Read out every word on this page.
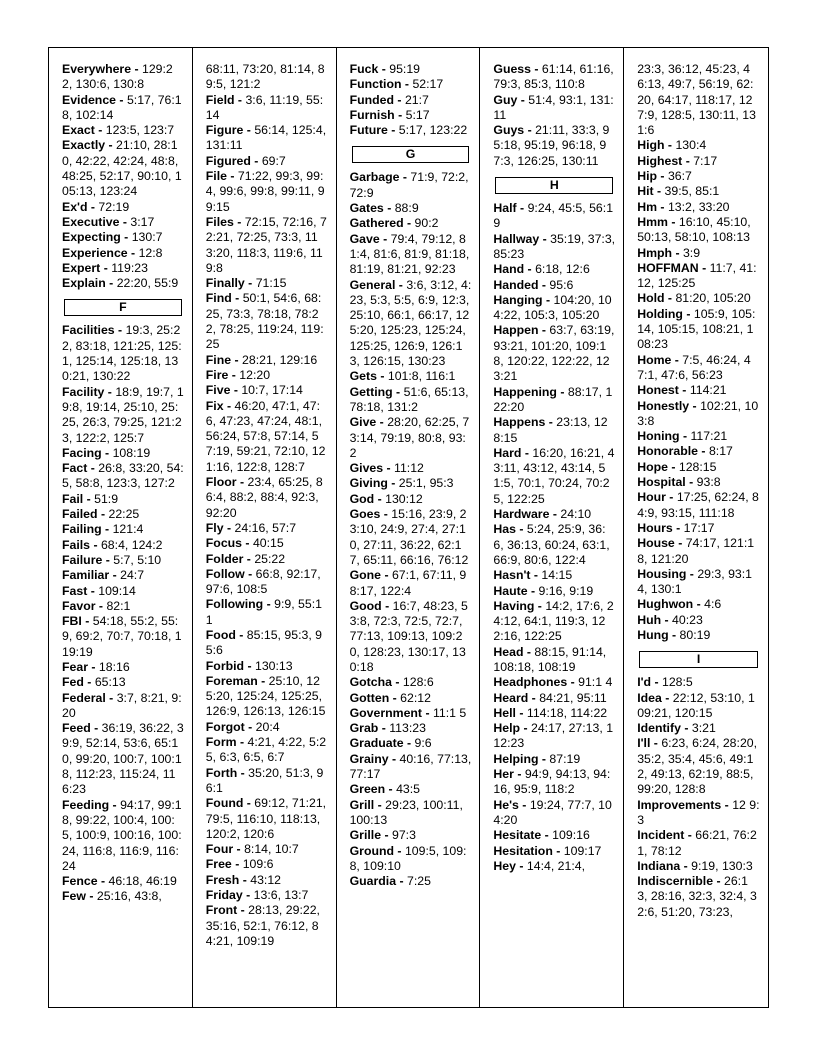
Everywhere - 129:2 2, 130:6, 130:8
Evidence - 5:17, 76:18, 102:14
Exact - 123:5, 123:7
Exactly - 21:10, 28:10, 42:22, 42:24, 48:8, 48:25, 52:17, 90:10, 105:13, 123:24
Ex'd - 72:19
Executive - 3:17
Expecting - 130:7
Experience - 12:8
Expert - 119:23
Explain - 22:20, 55:9
F
Facilities - 19:3, 25:22, 83:18, 121:25, 125:1, 125:14, 125:18, 130:21, 130:22
Facility - 18:9, 19:7, 19:8, 19:14, 25:10, 25:25, 26:3, 79:25, 121:23, 122:2, 125:7
Facing - 108:19
Fact - 26:8, 33:20, 54:5, 58:8, 123:3, 127:2
Fail - 51:9
Failed - 22:25
Failing - 121:4
Fails - 68:4, 124:2
Failure - 5:7, 5:10
Familiar - 24:7
Fast - 109:14
Favor - 82:1
FBI - 54:18, 55:2, 55:9, 69:2, 70:7, 70:18, 119:19
Fear - 18:16
Fed - 65:13
Federal - 3:7, 8:21, 9:20
Feed - 36:19, 36:22, 39:9, 52:14, 53:6, 65:10, 99:20, 100:7, 100:18, 112:23, 115:24, 116:23
Feeding - 94:17, 99:18, 99:22, 100:4, 100:5, 100:9, 100:16, 100:24, 116:8, 116:9, 116:24
Fence - 46:18, 46:19
Few - 25:16, 43:8,
68:11, 73:20, 81:14, 89:5, 121:2
Field - 3:6, 11:19, 55:14
Figure - 56:14, 125:4, 131:11
Figured - 69:7
File - 71:22, 99:3, 99:4, 99:6, 99:8, 99:11, 99:15
Files - 72:15, 72:16, 72:21, 72:25, 73:3, 113:20, 118:3, 119:6, 119:8
Finally - 71:15
Find - 50:1, 54:6, 68:25, 73:3, 78:18, 78:22, 78:25, 119:24, 119:25
Fine - 28:21, 129:16
Fire - 12:20
Five - 10:7, 17:14
Fix - 46:20, 47:1, 47:6, 47:23, 47:24, 48:1, 56:24, 57:8, 57:14, 57:19, 59:21, 72:10, 121:16, 122:8, 128:7
Floor - 23:4, 65:25, 86:4, 88:2, 88:4, 92:3, 92:20
Fly - 24:16, 57:7
Focus - 40:15
Folder - 25:22
Follow - 66:8, 92:17, 97:6, 108:5
Following - 9:9, 55:11
Food - 85:15, 95:3, 95:6
Forbid - 130:13
Foreman - 25:10, 125:20, 125:24, 125:25, 126:9, 126:13, 126:15
Forgot - 20:4
Form - 4:21, 4:22, 5:25, 6:3, 6:5, 6:7
Forth - 35:20, 51:3, 96:1
Found - 69:12, 71:21, 79:5, 116:10, 118:13, 120:2, 120:6
Four - 8:14, 10:7
Free - 109:6
Fresh - 43:12
Friday - 13:6, 13:7
Front - 28:13, 29:22, 35:16, 52:1, 76:12, 84:21, 109:19
Fuck - 95:19
Function - 52:17
Funded - 21:7
Furnish - 5:17
Future - 5:17, 123:22
G
Garbage - 71:9, 72:2, 72:9
Gates - 88:9
Gathered - 90:2
Gave - 79:4, 79:12, 81:4, 81:6, 81:9, 81:18, 81:19, 81:21, 92:23
General - 3:6, 3:12, 4:23, 5:3, 5:5, 6:9, 12:3, 25:10, 66:1, 66:17, 125:20, 125:23, 125:24, 125:25, 126:9, 126:13, 126:15, 130:23
Gets - 101:8, 116:1
Getting - 51:6, 65:13, 78:18, 131:2
Give - 28:20, 62:25, 73:14, 79:19, 80:8, 93:2
Gives - 11:12
Giving - 25:1, 95:3
God - 130:12
Goes - 15:16, 23:9, 23:10, 24:9, 27:4, 27:10, 27:11, 36:22, 62:17, 65:11, 66:16, 76:12
Gone - 67:1, 67:11, 98:17, 122:4
Good - 16:7, 48:23, 53:8, 72:3, 72:5, 72:7, 77:13, 109:13, 109:20, 128:23, 130:17, 130:18
Gotcha - 128:6
Gotten - 62:12
Government - 11:1 5
Grab - 113:23
Graduate - 9:6
Grainy - 40:16, 77:13, 77:17
Green - 43:5
Grill - 29:23, 100:11, 100:13
Grille - 97:3
Ground - 109:5, 109:8, 109:10
Guardia - 7:25
Guess - 61:14, 61:16, 79:3, 85:3, 110:8
Guy - 51:4, 93:1, 131:11
Guys - 21:11, 33:3, 95:18, 95:19, 96:18, 97:3, 126:25, 130:11
H
Half - 9:24, 45:5, 56:19
Hallway - 35:19, 37:3, 85:23
Hand - 6:18, 12:6
Handed - 95:6
Hanging - 104:20, 104:22, 105:3, 105:20
Happen - 63:7, 63:19, 93:21, 101:20, 109:18, 120:22, 122:22, 123:21
Happening - 88:17, 122:20
Happens - 23:13, 128:15
Hard - 16:20, 16:21, 43:11, 43:12, 43:14, 51:5, 70:1, 70:24, 70:25, 122:25
Hardware - 24:10
Has - 5:24, 25:9, 36:6, 36:13, 60:24, 63:1, 66:9, 80:6, 122:4
Hasn't - 14:15
Haute - 9:16, 9:19
Having - 14:2, 17:6, 24:12, 64:1, 119:3, 122:16, 122:25
Head - 88:15, 91:14, 108:18, 108:19
Headphones - 91:1 4
Heard - 84:21, 95:11
Hell - 114:18, 114:22
Help - 24:17, 27:13, 112:23
Helping - 87:19
Her - 94:9, 94:13, 94:16, 95:9, 118:2
He's - 19:24, 77:7, 104:20
Hesitate - 109:16
Hesitation - 109:17
Hey - 14:4, 21:4,
23:3, 36:12, 45:23, 46:13, 49:7, 56:19, 62:20, 64:17, 118:17, 127:9, 128:5, 130:11, 131:6
High - 130:4
Highest - 7:17
Hip - 36:7
Hit - 39:5, 85:1
Hm - 13:2, 33:20
Hmm - 16:10, 45:10, 50:13, 58:10, 108:13
Hmph - 3:9
HOFFMAN - 11:7, 41:12, 125:25
Hold - 81:20, 105:20
Holding - 105:9, 105:14, 105:15, 108:21, 108:23
Home - 7:5, 46:24, 47:1, 47:6, 56:23
Honest - 114:21
Honestly - 102:21, 103:8
Honing - 117:21
Honorable - 8:17
Hope - 128:15
Hospital - 93:8
Hour - 17:25, 62:24, 84:9, 93:15, 111:18
Hours - 17:17
House - 74:17, 121:18, 121:20
Housing - 29:3, 93:14, 130:1
Hughwon - 4:6
Huh - 40:23
Hung - 80:19
I
I'd - 128:5
Idea - 22:12, 53:10, 109:21, 120:15
Identify - 3:21
I'll - 6:23, 6:24, 28:20, 35:2, 35:4, 45:6, 49:12, 49:13, 62:19, 88:5, 99:20, 128:8
Improvements - 12 9:3
Incident - 66:21, 76:21, 78:12
Indiana - 9:19, 130:3
Indiscernible - 26:1 3, 28:16, 32:3, 32:4, 32:6, 51:20, 73:23,
